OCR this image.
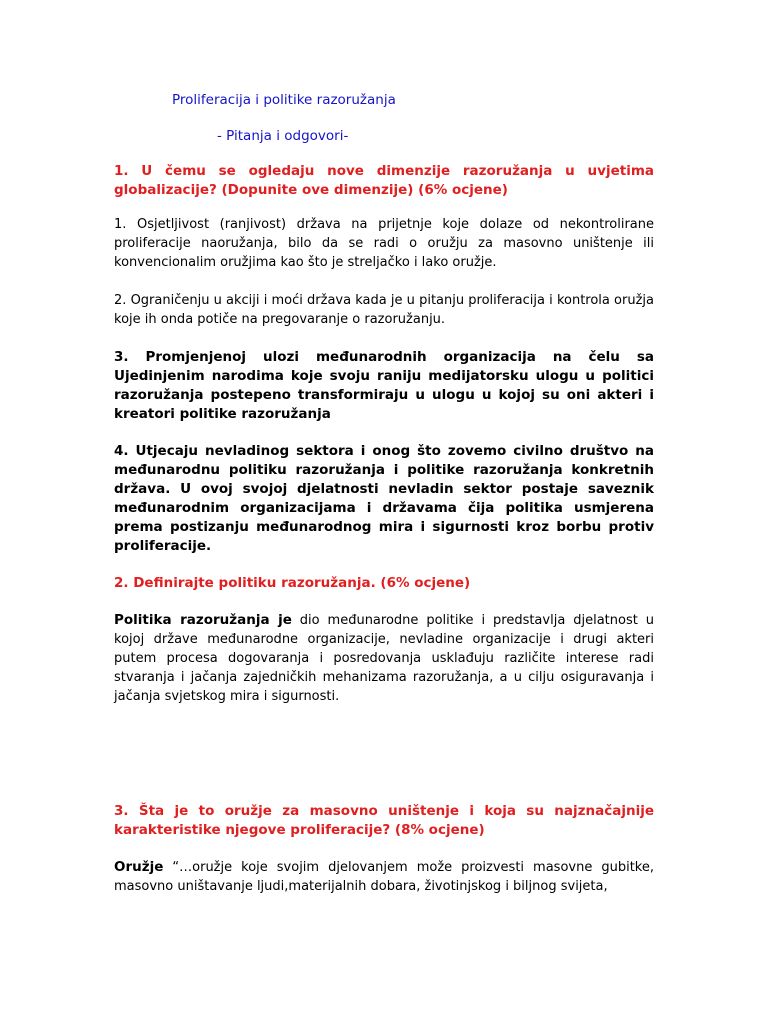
Proliferacija i politike razoružanja
- Pitanja i odgovori-

1. U čemu se ogledaju nove dimenzije razoružanja u uvjetima globalizacije? (Dopunite ove dimenzije) (6% ocjene)

1. Osjetljivost (ranjivost) država na prijetnje koje dolaze od nekontrolirane proliferacije naoružanja, bilo da se radi o oružju za masovno uništenje ili konvencionalim oružjima kao što je streljačko i lako oružje.

2. Ograničenju u akciji i moći država kada je u pitanju proliferacija i kontrola oružja koje ih onda potiče na pregovaranje o razoružanju.

3. Promjenjenoj ulozi međunarodnih organizacija na čelu sa Ujedinjenim narodima koje svoju raniju medijatorsku ulogu u politici razoružanja postepeno transformiraju u ulogu u kojoj su oni akteri i kreatori politike razoružanja

4. Utjecaju nevladinog sektora i onog što zovemo civilno društvo na međunarodnu politiku razoružanja i politike razoružanja konkretnih država. U ovoj svojoj djelatnosti nevladin sektor postaje saveznik međunarodnim organizacijama i državama čija politika usmjerena prema postizanju međunarodnog mira i sigurnosti kroz borbu protiv proliferacije.

2. Definirajte politiku razoružanja. (6% ocjene)

Politika razoružanja je dio međunarodne politike i predstavlja djelatnost u kojoj države međunarodne organizacije, nevladine organizacije i drugi akteri putem procesa dogovaranja i posredovanja usklađuju različite interese radi stvaranja i jačanja zajedničkih mehanizama razoružanja, a u cilju osiguravanja i jačanja svjetskog mira i sigurnosti.

3. Šta je to oružje za masovno uništenje i koja su najznačajnije karakteristike njegove proliferacije? (8% ocjene)

Oružje “…oružje koje svojim djelovanjem može proizvesti masovne gubitke, masovno uništavanje ljudi,materijalnih dobara, životinjskog i biljnog svijeta,
